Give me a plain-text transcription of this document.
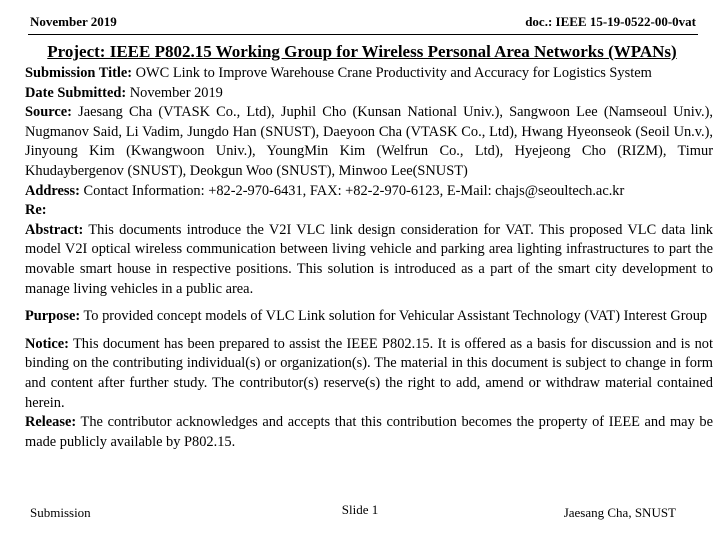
November 2019	doc.: IEEE 15-19-0522-00-0vat
Project: IEEE P802.15 Working Group for Wireless Personal Area Networks (WPANs)

Submission Title: OWC Link to Improve Warehouse Crane Productivity and Accuracy for Logistics System

Date Submitted: November 2019

Source: Jaesang Cha (VTASK Co., Ltd), Juphil Cho (Kunsan National Univ.), Sangwoon Lee (Namseoul Univ.), Nugmanov Said, Li Vadim, Jungdo Han (SNUST), Daeyoon Cha (VTASK Co., Ltd), Hwang Hyeonseok (Seoil Un.v.), Jinyoung Kim (Kwangwoon Univ.), YoungMin Kim (Welfrun Co., Ltd), Hyejeong Cho (RIZM), Timur Khudaybergenov (SNUST), Deokgun Woo (SNUST), Minwoo Lee(SNUST)

Address: Contact Information: +82-2-970-6431, FAX: +82-2-970-6123, E-Mail: chajs@seoultech.ac.kr

Re:

Abstract: This documents introduce the V2I VLC link design consideration for VAT. This proposed VLC data link model V2I optical wireless communication between living vehicle and parking area lighting infrastructures to part the movable smart house in respective positions. This solution is introduced as a part of the smart city development to manage living vehicles in a public area.

Purpose: To provided concept models of VLC Link solution for Vehicular Assistant Technology (VAT) Interest Group

Notice: This document has been prepared to assist the IEEE P802.15. It is offered as a basis for discussion and is not binding on the contributing individual(s) or organization(s). The material in this document is subject to change in form and content after further study. The contributor(s) reserve(s) the right to add, amend or withdraw material contained herein.

Release: The contributor acknowledges and accepts that this contribution becomes the property of IEEE and may be made publicly available by P802.15.

Submission	Slide 1	Jaesang Cha, SNUST
